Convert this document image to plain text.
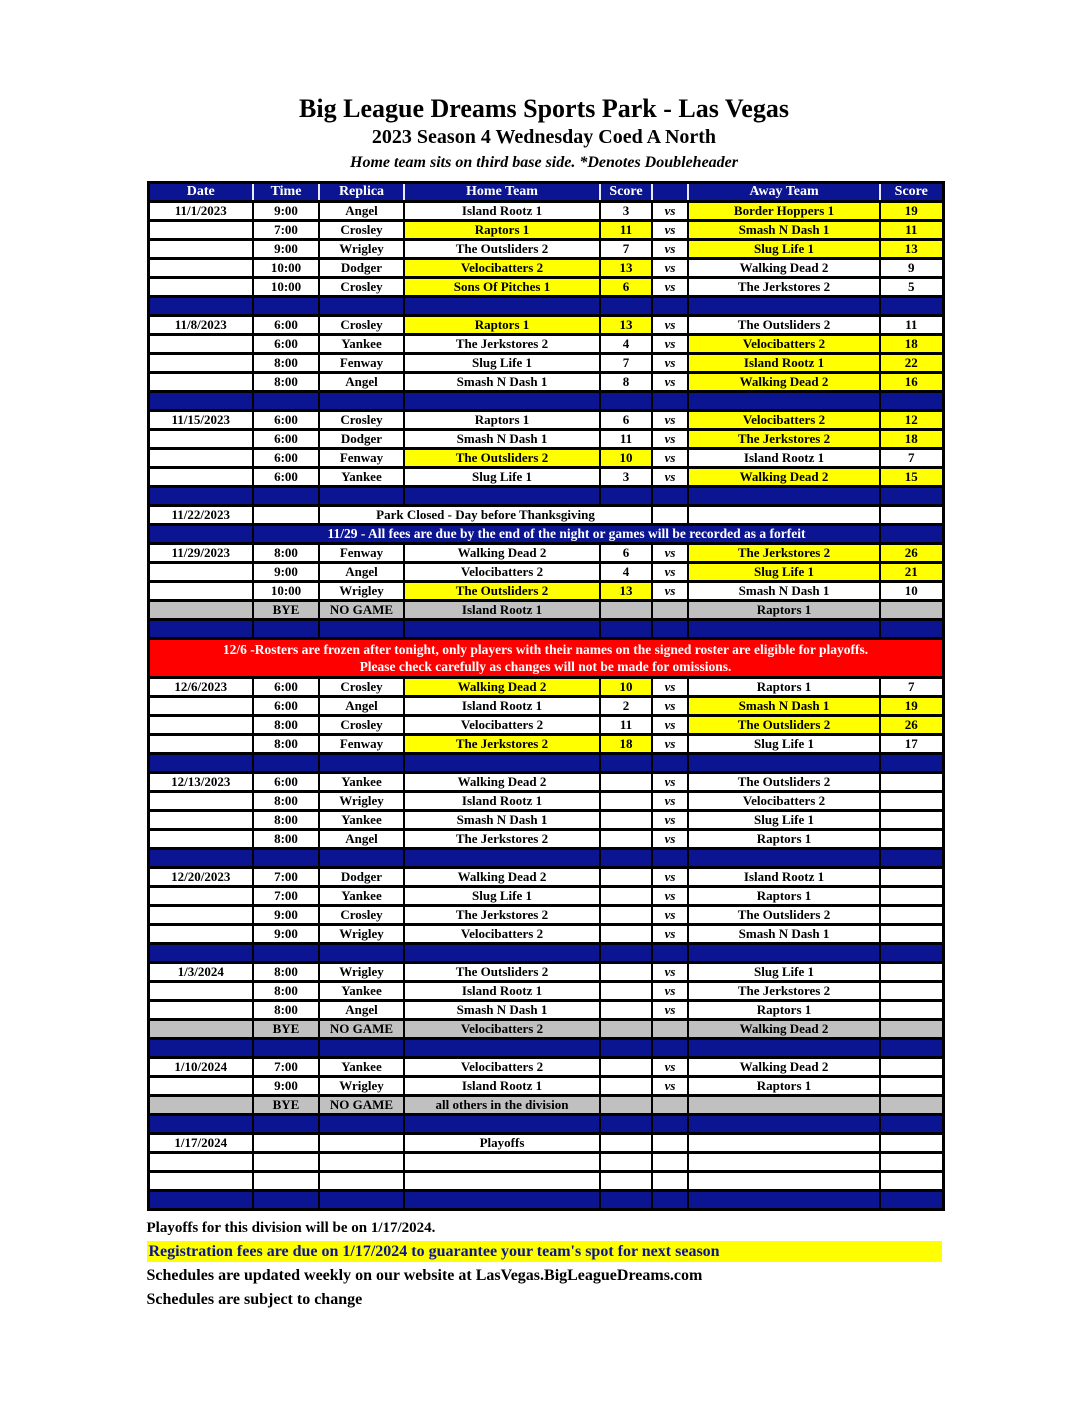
Big League Dreams Sports Park - Las Vegas
2023 Season 4 Wednesday Coed A North
Home team sits on third base side. *Denotes Doubleheader
Date	Time	Replica	Home Team	Score		Away Team	Score
11/1/2023	9:00	Angel	Island Rootz 1	3	vs	Border Hoppers 1	19
	7:00	Crosley	Raptors 1	11	vs	Smash N Dash 1	11
	9:00	Wrigley	The Outsliders 2	7	vs	Slug Life 1	13
	10:00	Dodger	Velocibatters 2	13	vs	Walking Dead 2	9
	10:00	Crosley	Sons Of Pitches 1	6	vs	The Jerkstores 2	5

11/8/2023	6:00	Crosley	Raptors 1	13	vs	The Outsliders 2	11
	6:00	Yankee	The Jerkstores 2	4	vs	Velocibatters 2	18
	8:00	Fenway	Slug Life 1	7	vs	Island Rootz 1	22
	8:00	Angel	Smash N Dash 1	8	vs	Walking Dead 2	16

11/15/2023	6:00	Crosley	Raptors 1	6	vs	Velocibatters 2	12
	6:00	Dodger	Smash N Dash 1	11	vs	The Jerkstores 2	18
	6:00	Fenway	The Outsliders 2	10	vs	Island Rootz 1	7
	6:00	Yankee	Slug Life 1	3	vs	Walking Dead 2	15

11/22/2023		Park Closed - Day before Thanksgiving					
	11/29 - All fees are due by the end of the night or games will be recorded as a forfeit						
11/29/2023	8:00	Fenway	Walking Dead 2	6	vs	The Jerkstores 2	26
	9:00	Angel	Velocibatters 2	4	vs	Slug Life 1	21
	10:00	Wrigley	The Outsliders 2	13	vs	Smash N Dash 1	10
	BYE	NO GAME	Island Rootz 1			Raptors 1	

12/6 -Rosters are frozen after tonight, only players with their names on the signed roster are eligible for playoffs.
Please check carefully as changes will not be made for omissions.							

12/6/2023	6:00	Crosley	Walking Dead 2	10	vs	Raptors 1	7
	6:00	Angel	Island Rootz 1	2	vs	Smash N Dash 1	19
	8:00	Crosley	Velocibatters 2	11	vs	The Outsliders 2	26
	8:00	Fenway	The Jerkstores 2	18	vs	Slug Life 1	17

12/13/2023	6:00	Yankee	Walking Dead 2		vs	The Outsliders 2	
	8:00	Wrigley	Island Rootz 1		vs	Velocibatters 2	
	8:00	Yankee	Smash N Dash 1		vs	Slug Life 1	
	8:00	Angel	The Jerkstores 2		vs	Raptors 1	

12/20/2023	7:00	Dodger	Walking Dead 2		vs	Island Rootz 1	
	7:00	Yankee	Slug Life 1		vs	Raptors 1	
	9:00	Crosley	The Jerkstores 2		vs	The Outsliders 2	
	9:00	Wrigley	Velocibatters 2		vs	Smash N Dash 1	

1/3/2024	8:00	Wrigley	The Outsliders 2		vs	Slug Life 1	
	8:00	Yankee	Island Rootz 1		vs	The Jerkstores 2	
	8:00	Angel	Smash N Dash 1		vs	Raptors 1	
	BYE	NO GAME	Velocibatters 2			Walking Dead 2	

1/10/2024	7:00	Yankee	Velocibatters 2		vs	Walking Dead 2	
	9:00	Wrigley	Island Rootz 1		vs	Raptors 1	
	BYE	NO GAME	all others in the division				

1/17/2024			Playoffs				

Playoffs for this division will be on 1/17/2024.
Registration fees are due on 1/17/2024 to guarantee your team's spot for next season
Schedules are updated weekly on our website at LasVegas.BigLeagueDreams.com
Schedules are subject to change
